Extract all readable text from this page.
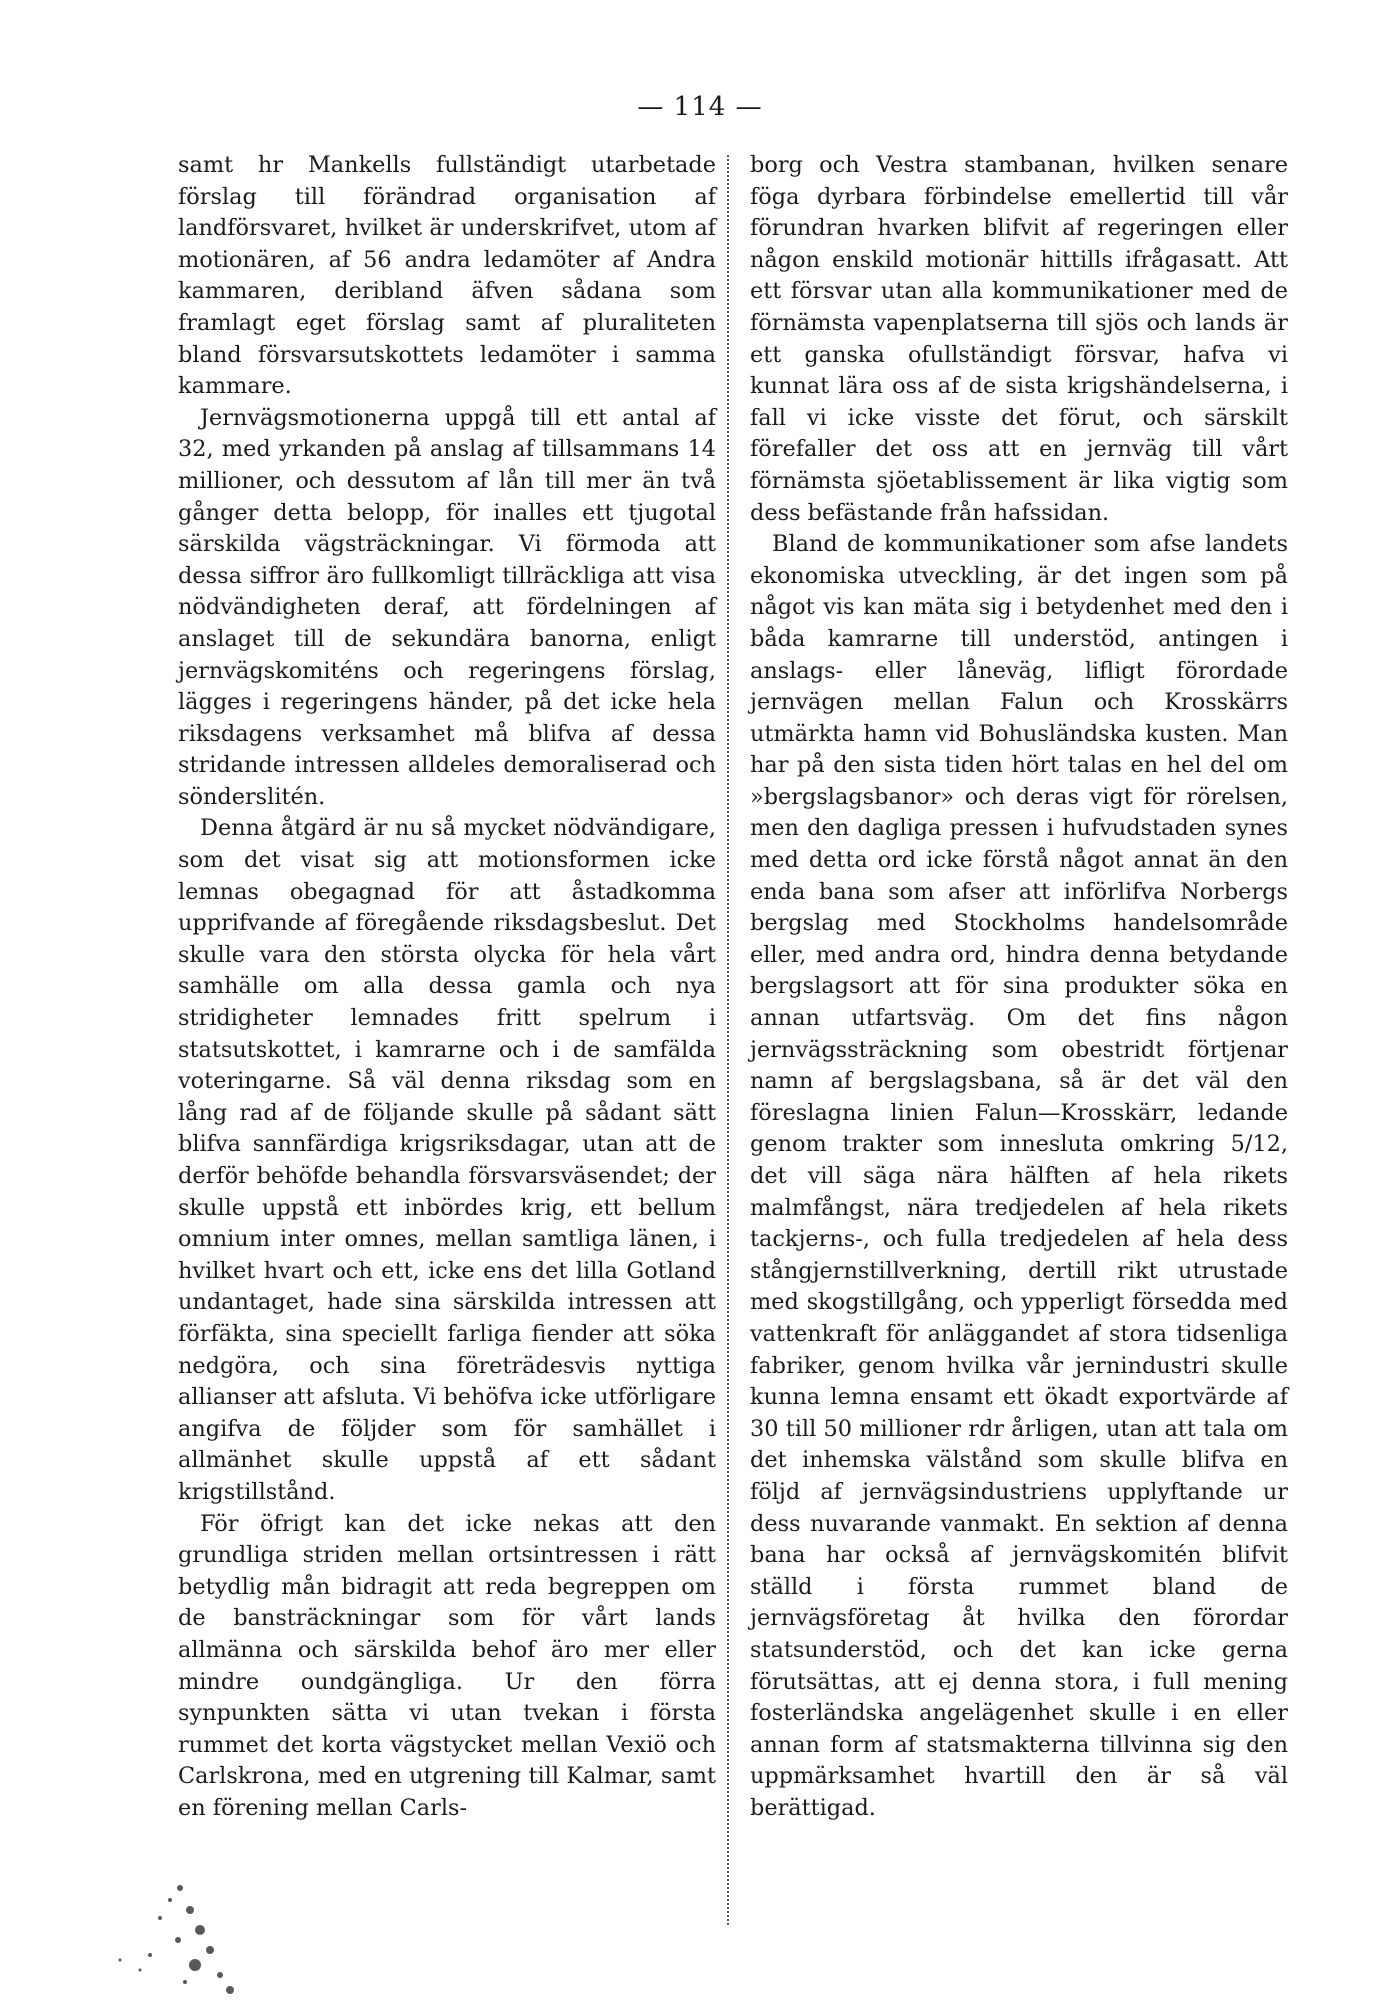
— 114 —

samt hr Mankells fullständigt utarbetade förslag till förändrad organisation af landförsvaret, hvilket är underskrifvet, utom af motionären, af 56 andra ledamöter af Andra kammaren, deribland äfven sådana som framlagt eget förslag samt af pluraliteten bland försvarsutskottets ledamöter i samma kammare.

Jernvägsmotionerna uppgå till ett antal af 32, med yrkanden på anslag af tillsammans 14 millioner, och dessutom af lån till mer än två gånger detta belopp, för inalles ett tjugotal särskilda vägsträckningar. Vi förmoda att dessa siffror äro fullkomligt tillräckliga att visa nödvändigheten deraf, att fördelningen af anslaget till de sekundära banorna, enligt jernvägskomiténs och regeringens förslag, lägges i regeringens händer, på det icke hela riksdagens verksamhet må blifva af dessa stridande intressen alldeles demoraliserad och sönderslitén.

Denna åtgärd är nu så mycket nödvändigare, som det visat sig att motionsformen icke lemnas obegagnad för att åstadkomma upprifvande af föregående riksdagsbeslut. Det skulle vara den största olycka för hela vårt samhälle om alla dessa gamla och nya stridigheter lemnades fritt spelrum i statsutskottet, i kamrarne och i de samfälda voteringarne. Så väl denna riksdag som en lång rad af de följande skulle på sådant sätt blifva sannfärdiga krigsriksdagar, utan att de derför behöfde behandla försvarsväsendet; der skulle uppstå ett inbördes krig, ett bellum omnium inter omnes, mellan samtliga länen, i hvilket hvart och ett, icke ens det lilla Gotland undantaget, hade sina särskilda intressen att förfäkta, sina speciellt farliga fiender att söka nedgöra, och sina företrädesvis nyttiga allianser att afsluta. Vi behöfva icke utförligare angifva de följder som för samhället i allmänhet skulle uppstå af ett sådant krigstillstånd.

För öfrigt kan det icke nekas att den grundliga striden mellan ortsintressen i rätt betydlig mån bidragit att reda begreppen om de bansträckningar som för vårt lands allmänna och särskilda behof äro mer eller mindre oundgängliga. Ur den förra synpunkten sätta vi utan tvekan i första rummet det korta vägstycket mellan Vexiö och Carlskrona, med en utgrening till Kalmar, samt en förening mellan Carls-

borg och Vestra stambanan, hvilken senare föga dyrbara förbindelse emellertid till vår förundran hvarken blifvit af regeringen eller någon enskild motionär hittills ifrågasatt. Att ett försvar utan alla kommunikationer med de förnämsta vapenplatserna till sjös och lands är ett ganska ofullständigt försvar, hafva vi kunnat lära oss af de sista krigshändelserna, i fall vi icke visste det förut, och särskilt förefaller det oss att en jernväg till vårt förnämsta sjöetablissement är lika vigtig som dess befästande från hafssidan.

Bland de kommunikationer som afse landets ekonomiska utveckling, är det ingen som på något vis kan mäta sig i betydenhet med den i båda kamrarne till understöd, antingen i anslags- eller låneväg, lifligt förordade jernvägen mellan Falun och Krosskärrs utmärkta hamn vid Bohusländska kusten. Man har på den sista tiden hört talas en hel del om »bergslagsbanor» och deras vigt för rörelsen, men den dagliga pressen i hufvudstaden synes med detta ord icke förstå något annat än den enda bana som afser att införlifva Norbergs bergslag med Stockholms handelsområde eller, med andra ord, hindra denna betydande bergslagsort att för sina produkter söka en annan utfartsväg. Om det fins någon jernvägssträckning som obestridt förtjenar namn af bergslagsbana, så är det väl den föreslagna linien Falun—Krosskärr, ledande genom trakter som innesluta omkring 5/12, det vill säga nära hälften af hela rikets malmfångst, nära tredjedelen af hela rikets tackjerns-, och fulla tredjedelen af hela dess stångjernstillverkning, dertill rikt utrustade med skogstillgång, och ypperligt försedda med vattenkraft för anläggandet af stora tidsenliga fabriker, genom hvilka vår jernindustri skulle kunna lemna ensamt ett ökadt exportvärde af 30 till 50 millioner rdr årligen, utan att tala om det inhemska välstånd som skulle blifva en följd af jernvägsindustriens upplyftande ur dess nuvarande vanmakt. En sektion af denna bana har också af jernvägskomitén blifvit ställd i första rummet bland de jernvägsföretag åt hvilka den förordar statsunderstöd, och det kan icke gerna förutsättas, att ej denna stora, i full mening fosterländska angelägenhet skulle i en eller annan form af statsmakterna tillvinna sig den uppmärksamhet hvartill den är så väl berättigad.
